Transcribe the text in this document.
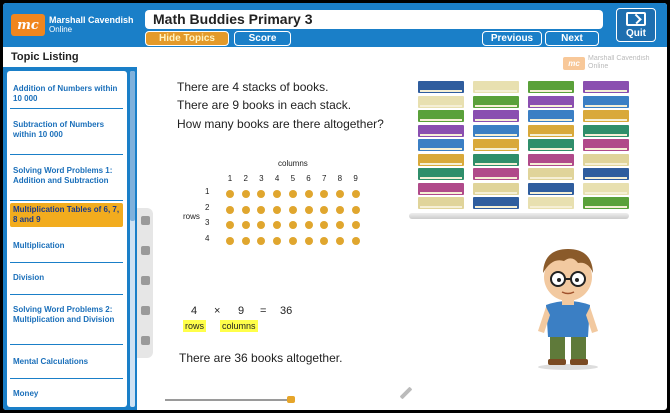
mc	Marshall Cavendish
Online
Math Buddies Primary 3
Hide Topics	Score	Previous	Next	Quit
Topic Listing
Addition of Numbers within 10 000
Subtraction of Numbers within 10 000
Solving Word Problems 1: Addition and Subtraction
Multiplication Tables of 6, 7, 8 and 9
Multiplication
Division
Solving Word Problems 2: Multiplication and Division
Mental Calculations
Money
mc	Marshall Cavendish
Online
There are 4 stacks of books.
There are 9 books in each stack.
How many books are there altogether?
columns
1	2	3	4	5	6	7	8	9
1
2
3
4
rows
4 × 9 = 36
rows columns
There are 36 books altogether.
